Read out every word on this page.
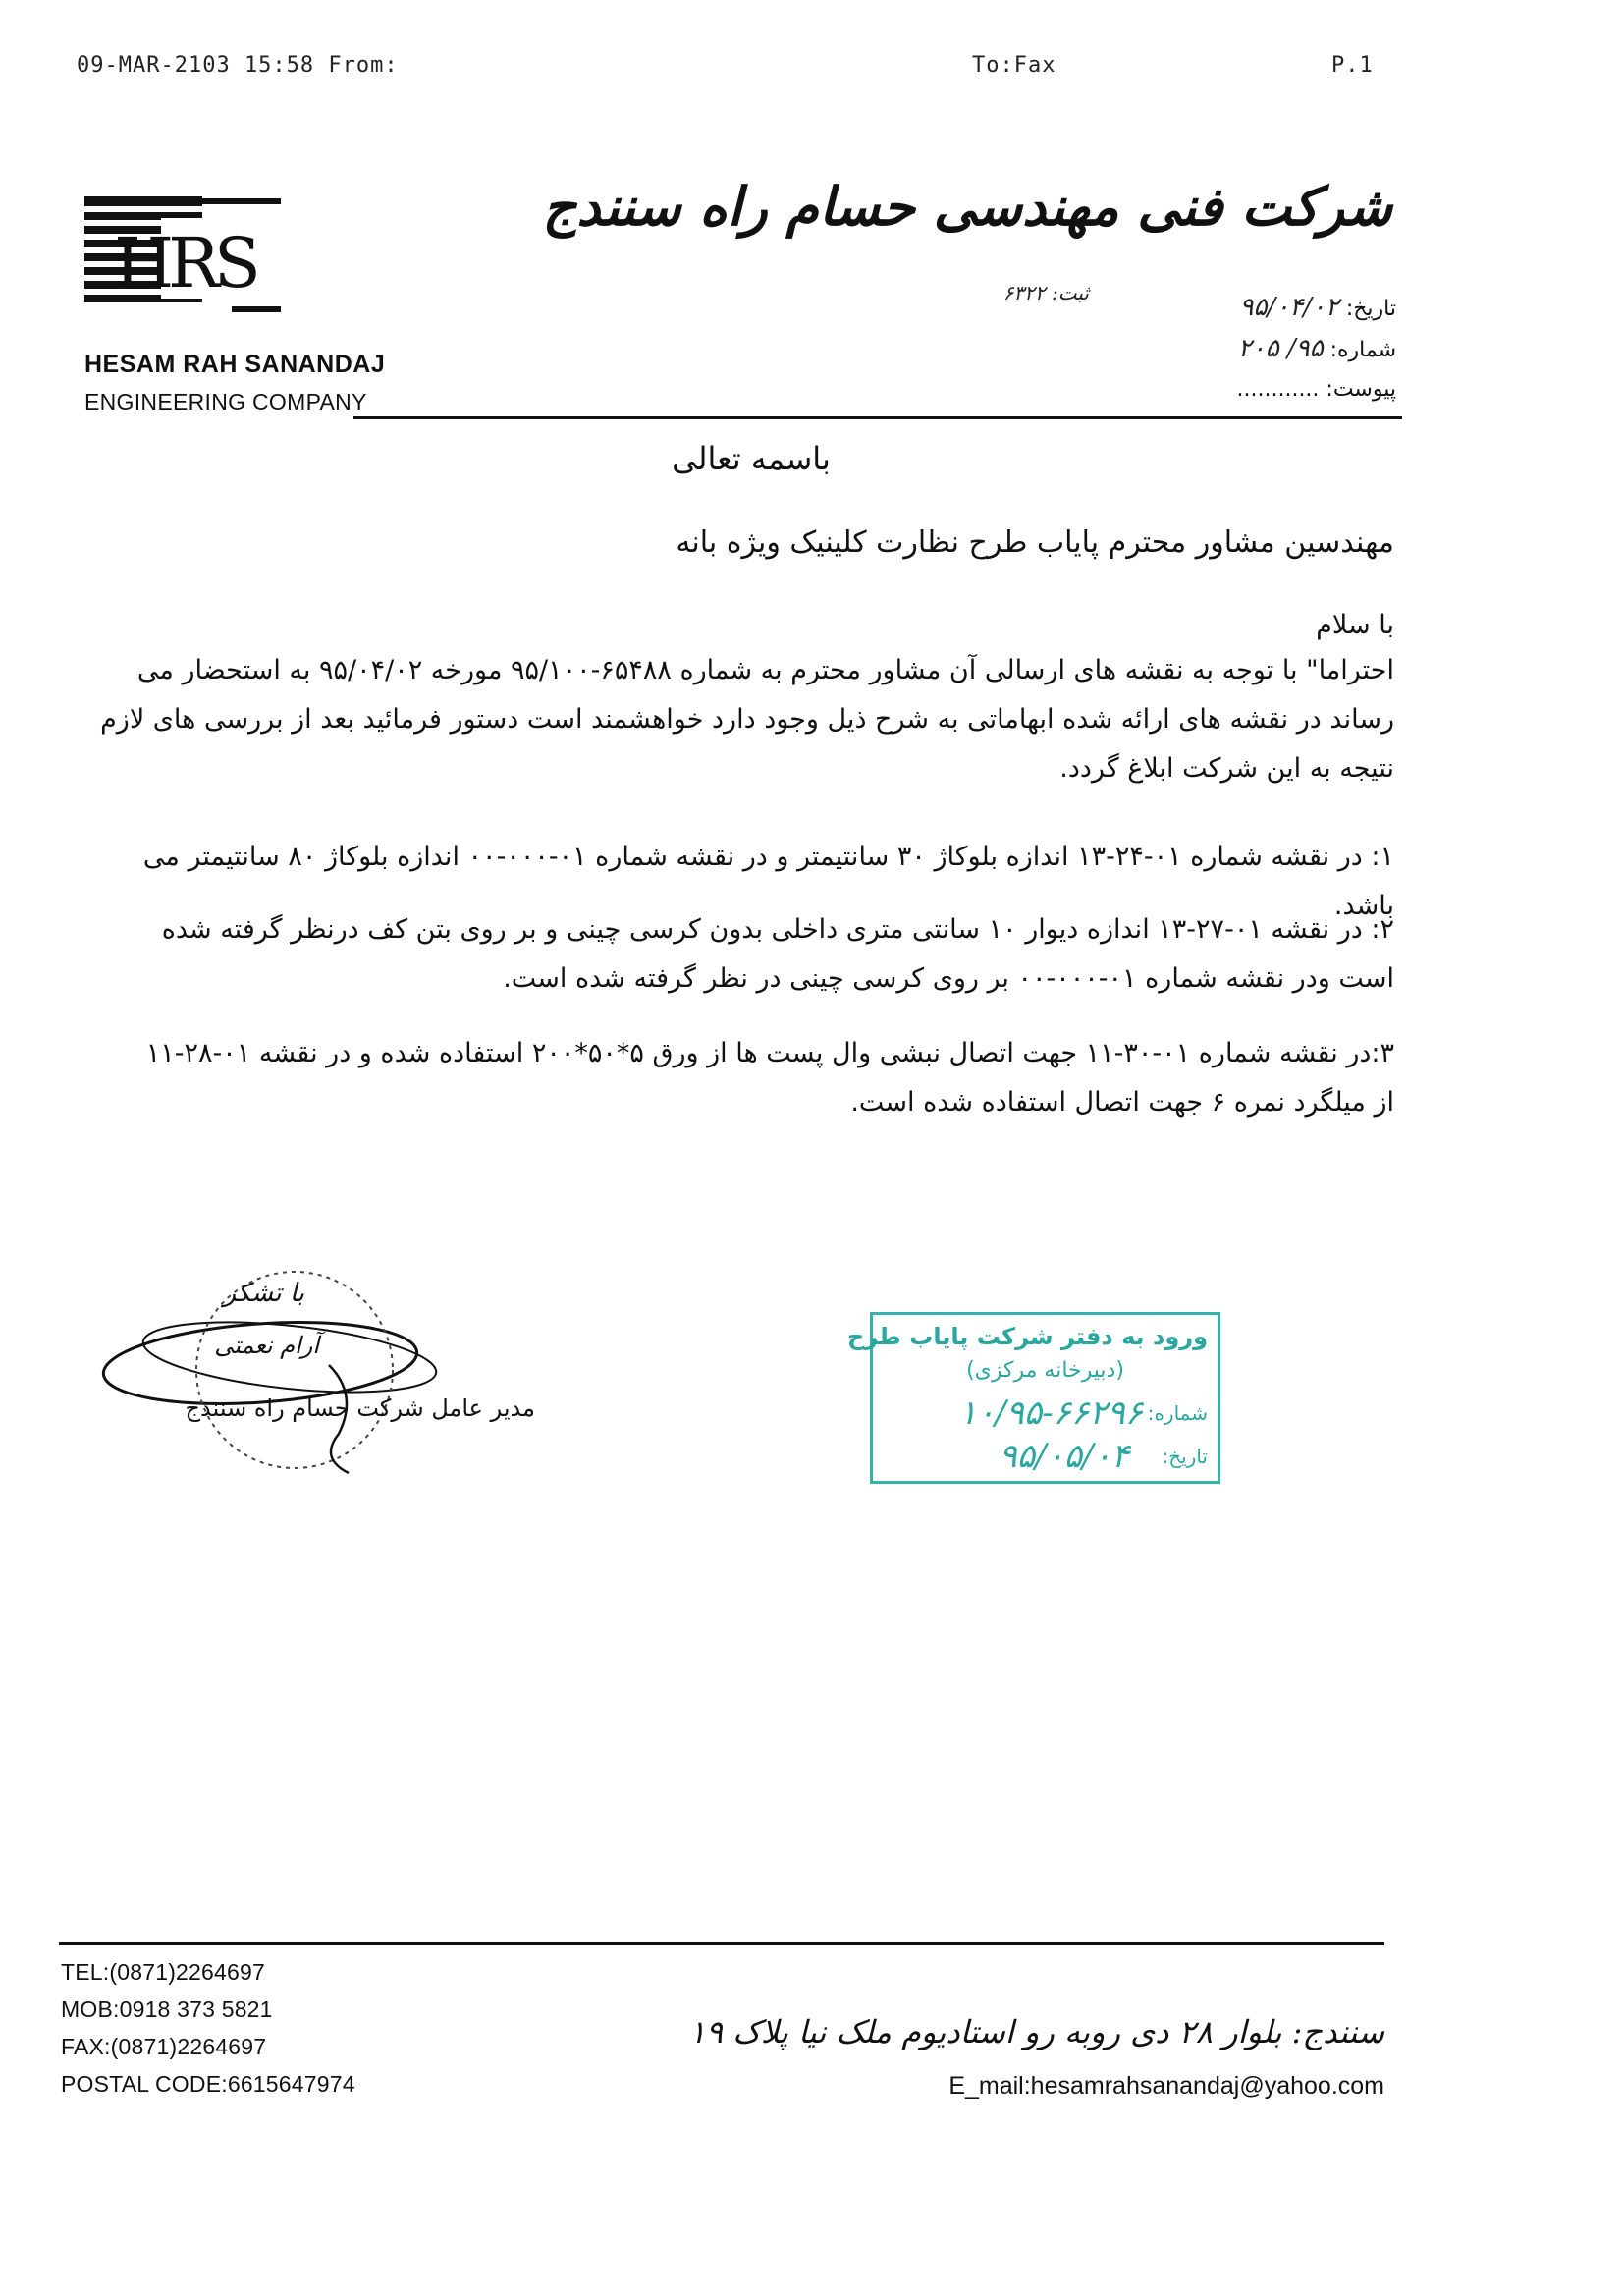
09-MAR-2103 15:58 From:	To:Fax	P.1
HRS
HESAM RAH SANANDAJ
ENGINEERING COMPANY
شرکت فنی مهندسی حسام راه سنندج
ثبت: ۶۳۲۲
تاریخ: ۹۵/۰۴/۰۲
شماره: ۹۵/ ۲۰۵
پیوست: ............
باسمه تعالی
مهندسین مشاور محترم پایاب طرح نظارت کلینیک ویژه بانه
با سلام

احتراما" با توجه به نقشه های ارسالی آن مشاور محترم به شماره ۶۵۴۸۸-۹۵/۱۰۰ مورخه ۹۵/۰۴/۰۲ به استحضار می رساند در نقشه های ارائه شده ابهاماتی به شرح ذیل وجود دارد خواهشمند است دستور فرمائید بعد از بررسی های لازم نتیجه به این شرکت ابلاغ گردد.

۱: در نقشه شماره ۰۱-۲۴-۱۳ اندازه بلوکاژ ۳۰ سانتیمتر و در نقشه شماره ۰۱-۰۰۰-۰۰ اندازه بلوکاژ ۸۰ سانتیمتر می باشد.
۲: در نقشه ۰۱-۲۷-۱۳ اندازه دیوار ۱۰ سانتی متری داخلی بدون کرسی چینی و بر روی بتن کف درنظر گرفته شده است ودر نقشه شماره ۰۱-۰۰۰-۰۰ بر روی کرسی چینی در نظر گرفته شده است.
۳:در نقشه شماره ۰۱-۳۰-۱۱ جهت اتصال نبشی وال پست ها از ورق ۵*۵۰*۲۰۰ استفاده شده و در نقشه ۰۱-۲۸-۱۱ از میلگرد نمره ۶ جهت اتصال استفاده شده است.
با تشکر
آرام نعمتی
مدیر عامل شرکت حسام راه سنندج
ورود به دفتر شرکت پایاب طرح
(دبیرخانه مرکزی)
شماره:
۱۰/۹۵-۶۶۲۹۶
تاریخ:
۹۵/۰۵/۰۴
TEL:(0871)2264697
MOB:0918 373 5821
FAX:(0871)2264697
POSTAL CODE:6615647974
سنندج: بلوار ۲۸ دی روبه رو استادیوم ملک نیا پلاک ۱۹
E_mail:hesamrahsanandaj@yahoo.com
